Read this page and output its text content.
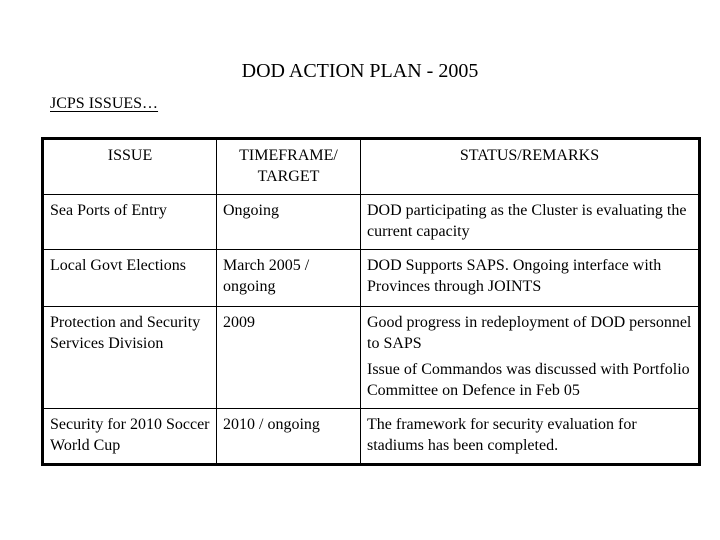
DOD ACTION PLAN - 2005
JCPS ISSUES…
ISSUE	TIMEFRAME/ TARGET	STATUS/REMARKS
Sea Ports of Entry	Ongoing	DOD participating as the Cluster is evaluating the current capacity

Local Govt Elections	March 2005 / ongoing	DOD Supports SAPS. Ongoing interface with Provinces through JOINTS

Protection and Security Services Division	2009	Good progress in redeployment of DOD personnel to SAPS
Issue of Commandos was discussed with Portfolio Committee on Defence in Feb 05

Security for 2010 Soccer World Cup	2010 / ongoing	The framework for security evaluation for stadiums has been completed.
